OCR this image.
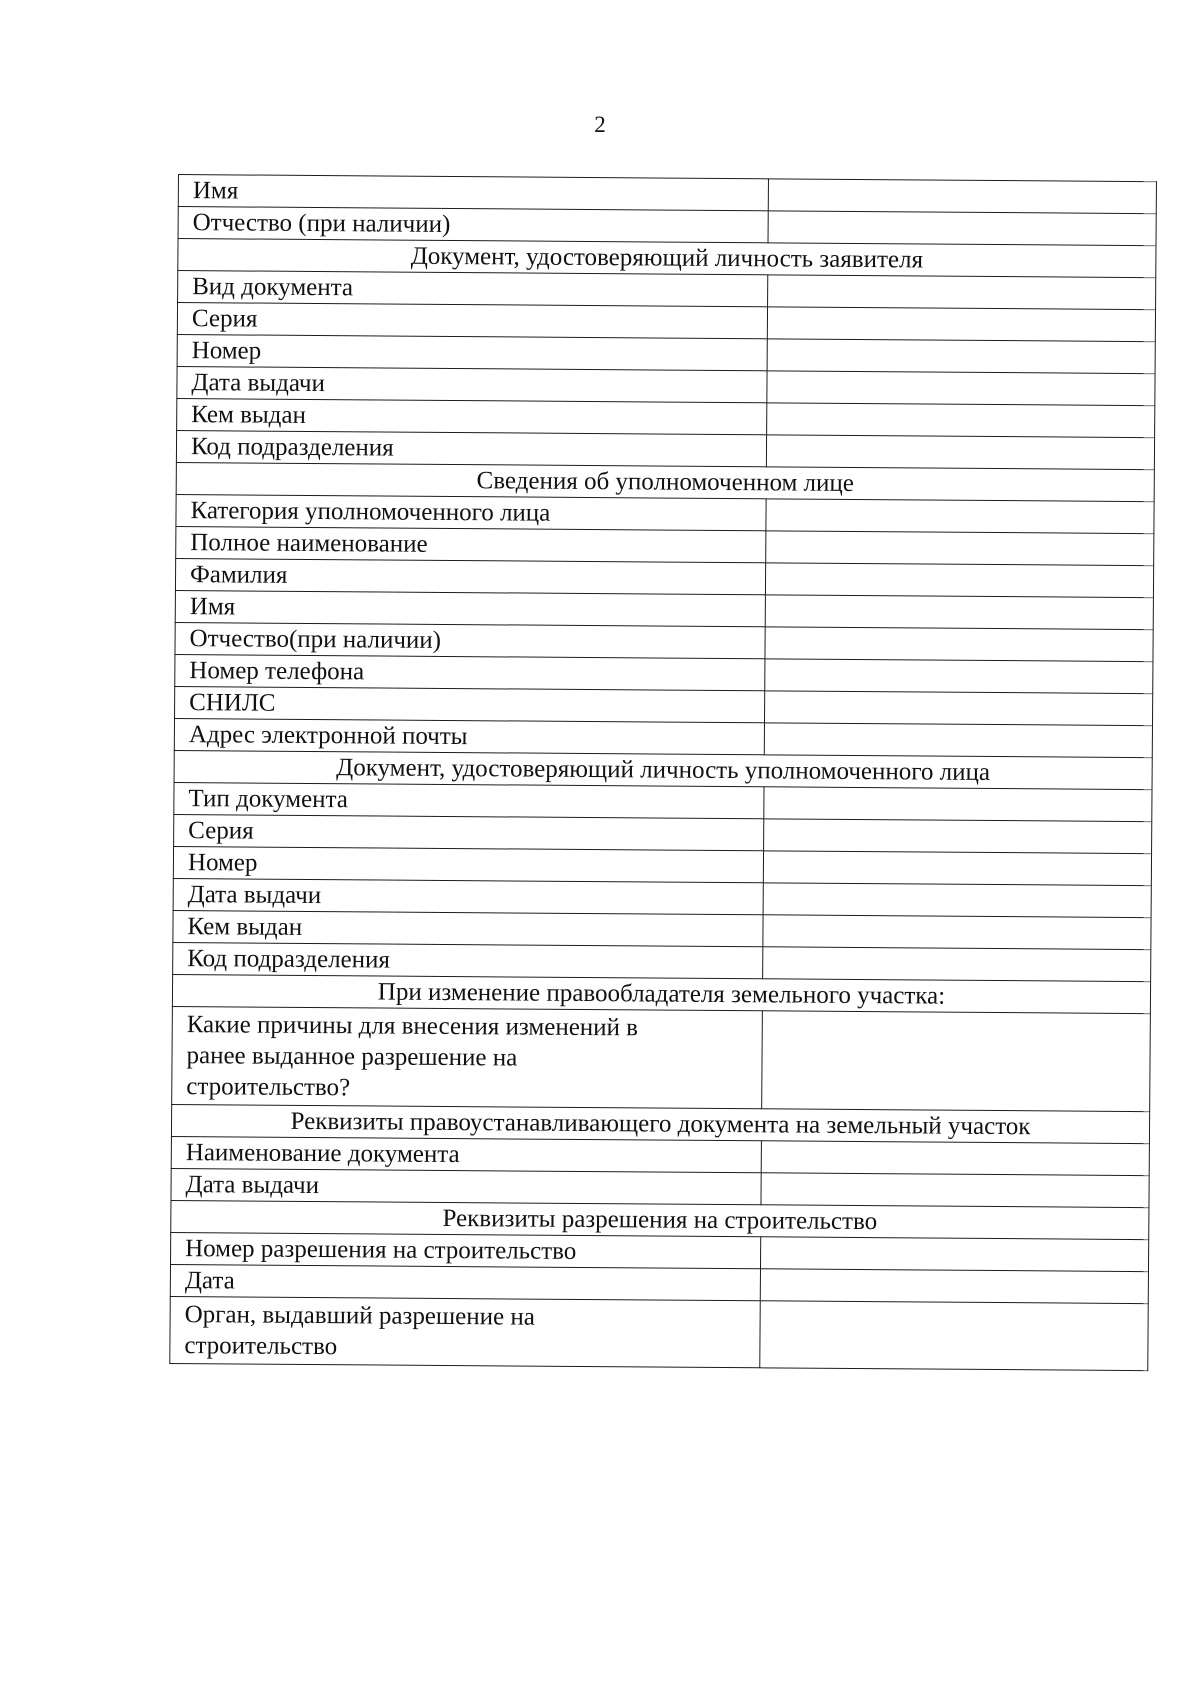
2
Имя	
Отчество (при наличии)	
Документ, удостоверяющий личность заявителя	
Вид документа	
Серия	
Номер	
Дата выдачи	
Кем выдан	
Код подразделения	
Сведения об уполномоченном лице	
Категория уполномоченного лица	
Полное наименование	
Фамилия	
Имя	
Отчество(при наличии)	
Номер телефона	
СНИЛС	
Адрес электронной почты	
Документ, удостоверяющий личность уполномоченного лица	
Тип документа	
Серия	
Номер	
Дата выдачи	
Кем выдан	
Код подразделения	
При изменение правообладателя земельного участка:	

Какие причины для внесения изменений в
ранее выданное разрешение на
строительство?	

Реквизиты правоустанавливающего документа на земельный участок	
Наименование документа	
Дата выдачи	
Реквизиты разрешения на строительство	
Номер разрешения на строительство	
Дата	

Орган, выдавший разрешение на
строительство	
